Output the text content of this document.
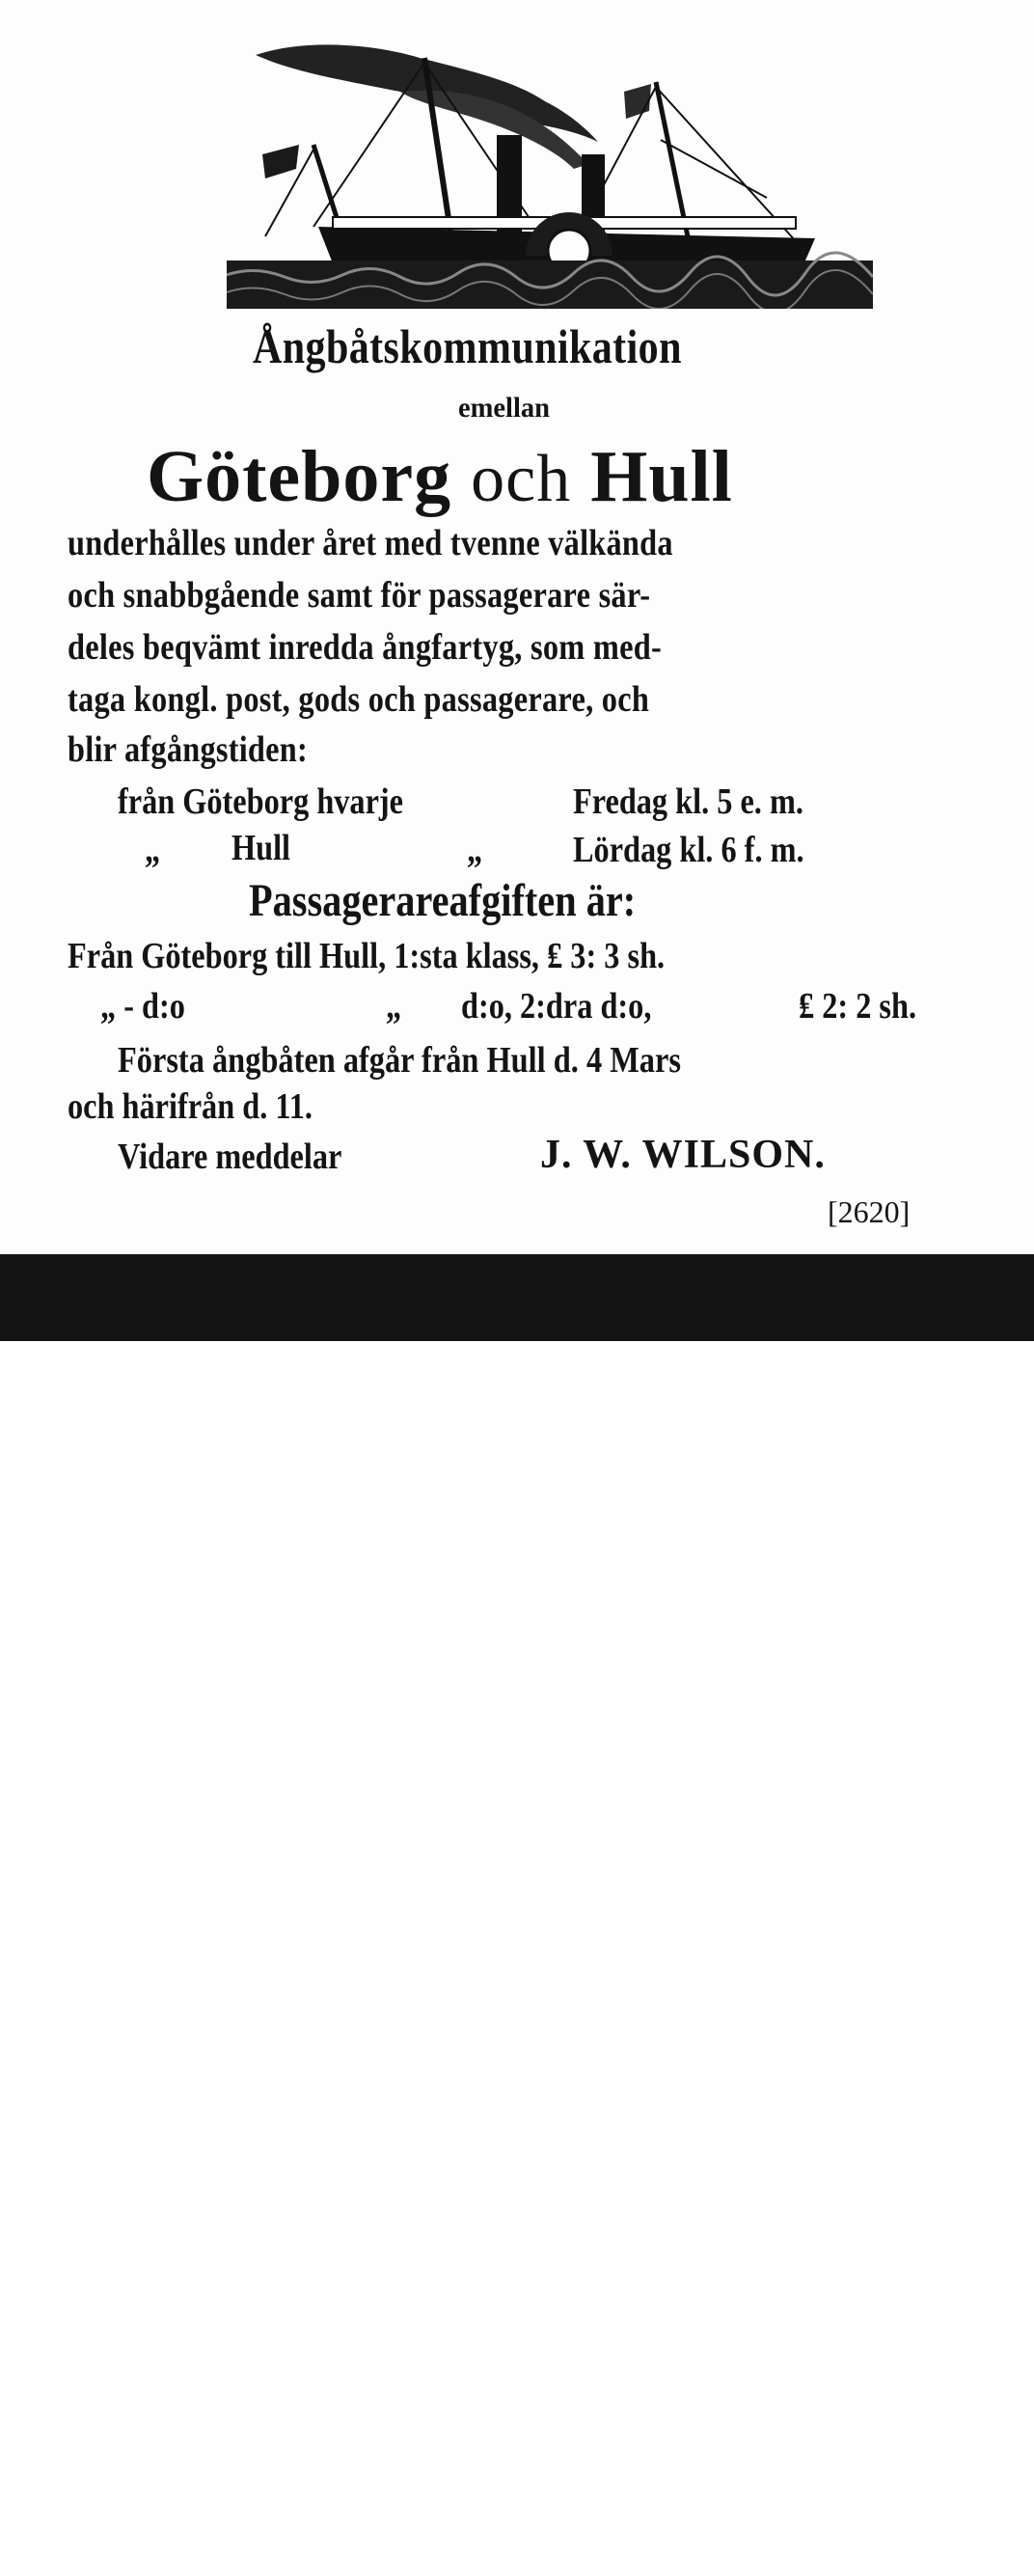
Ångbåtskommunikation
emellan
Göteborg och Hull
underhålles under året med tvenne välkända
och snabbgående samt för passagerare sär-
deles beqvämt inredda ångfartyg, som med-
taga kongl. post, gods och passagerare, och
blir afgångstiden:
från Göteborg hvarje	Fredag kl. 5 e. m.
„ Hull	„ Lördag kl. 6 f. m.
Passagerareafgiften är:
Från Göteborg till Hull, 1:sta klass, ₤ 3: 3 sh.
„ - d:o	„ d:o, 2:dra d:o,	₤ 2: 2 sh.
Första ångbåten afgår från Hull d. 4 Mars
och härifrån d. 11.
Vidare meddelar	J. W. WILSON.
[2620]
alamy	Image ID: 2W74N97
www.alamy.com
